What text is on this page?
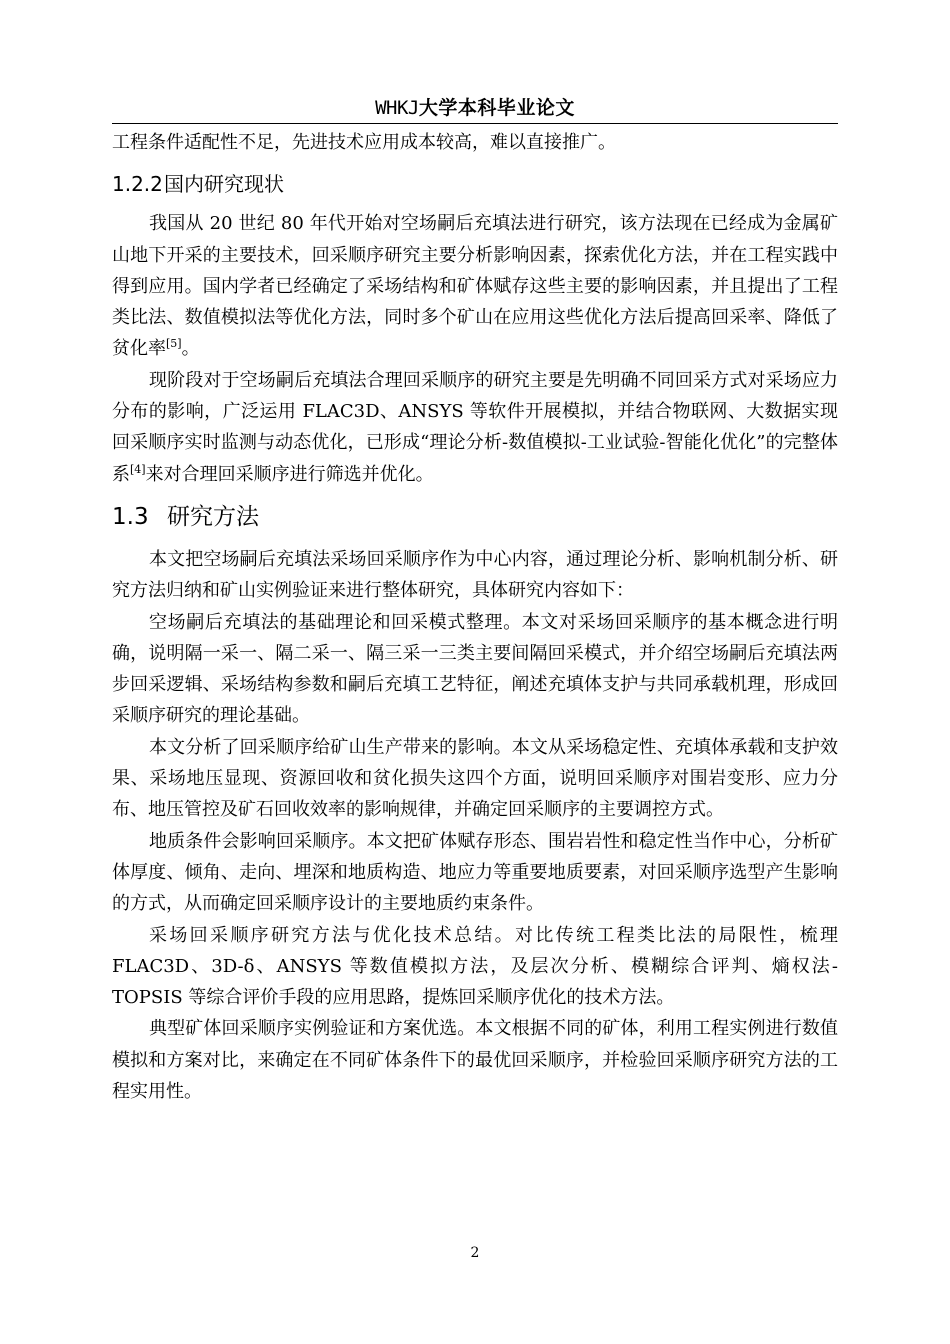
WHKJ大学本科毕业论文

工程条件适配性不足，先进技术应用成本较高，难以直接推广。

1.2.2国内研究现状

我国从 20 世纪 80 年代开始对空场嗣后充填法进行研究，该方法现在已经成为金属矿山地下开采的主要技术，回采顺序研究主要分析影响因素，探索优化方法，并在工程实践中得到应用。国内学者已经确定了采场结构和矿体赋存这些主要的影响因素，并且提出了工程类比法、数值模拟法等优化方法，同时多个矿山在应用这些优化方法后提高回采率、降低了贫化率[5]。

现阶段对于空场嗣后充填法合理回采顺序的研究主要是先明确不同回采方式对采场应力分布的影响，广泛运用 FLAC3D、ANSYS 等软件开展模拟，并结合物联网、大数据实现回采顺序实时监测与动态优化，已形成“理论分析-数值模拟-工业试验-智能化优化”的完整体系[4]来对合理回采顺序进行筛选并优化。

1.3 研究方法

本文把空场嗣后充填法采场回采顺序作为中心内容，通过理论分析、影响机制分析、研究方法归纳和矿山实例验证来进行整体研究，具体研究内容如下：

空场嗣后充填法的基础理论和回采模式整理。本文对采场回采顺序的基本概念进行明确，说明隔一采一、隔二采一、隔三采一三类主要间隔回采模式，并介绍空场嗣后充填法两步回采逻辑、采场结构参数和嗣后充填工艺特征，阐述充填体支护与共同承载机理，形成回采顺序研究的理论基础。

本文分析了回采顺序给矿山生产带来的影响。本文从采场稳定性、充填体承载和支护效果、采场地压显现、资源回收和贫化损失这四个方面，说明回采顺序对围岩变形、应力分布、地压管控及矿石回收效率的影响规律，并确定回采顺序的主要调控方式。

地质条件会影响回采顺序。本文把矿体赋存形态、围岩岩性和稳定性当作中心，分析矿体厚度、倾角、走向、埋深和地质构造、地应力等重要地质要素，对回采顺序选型产生影响的方式，从而确定回采顺序设计的主要地质约束条件。

采场回采顺序研究方法与优化技术总结。对比传统工程类比法的局限性，梳理 FLAC3D、3D-δ、ANSYS 等数值模拟方法，及层次分析、模糊综合评判、熵权法-TOPSIS 等综合评价手段的应用思路，提炼回采顺序优化的技术方法。

典型矿体回采顺序实例验证和方案优选。本文根据不同的矿体，利用工程实例进行数值模拟和方案对比，来确定在不同矿体条件下的最优回采顺序，并检验回采顺序研究方法的工程实用性。

2
